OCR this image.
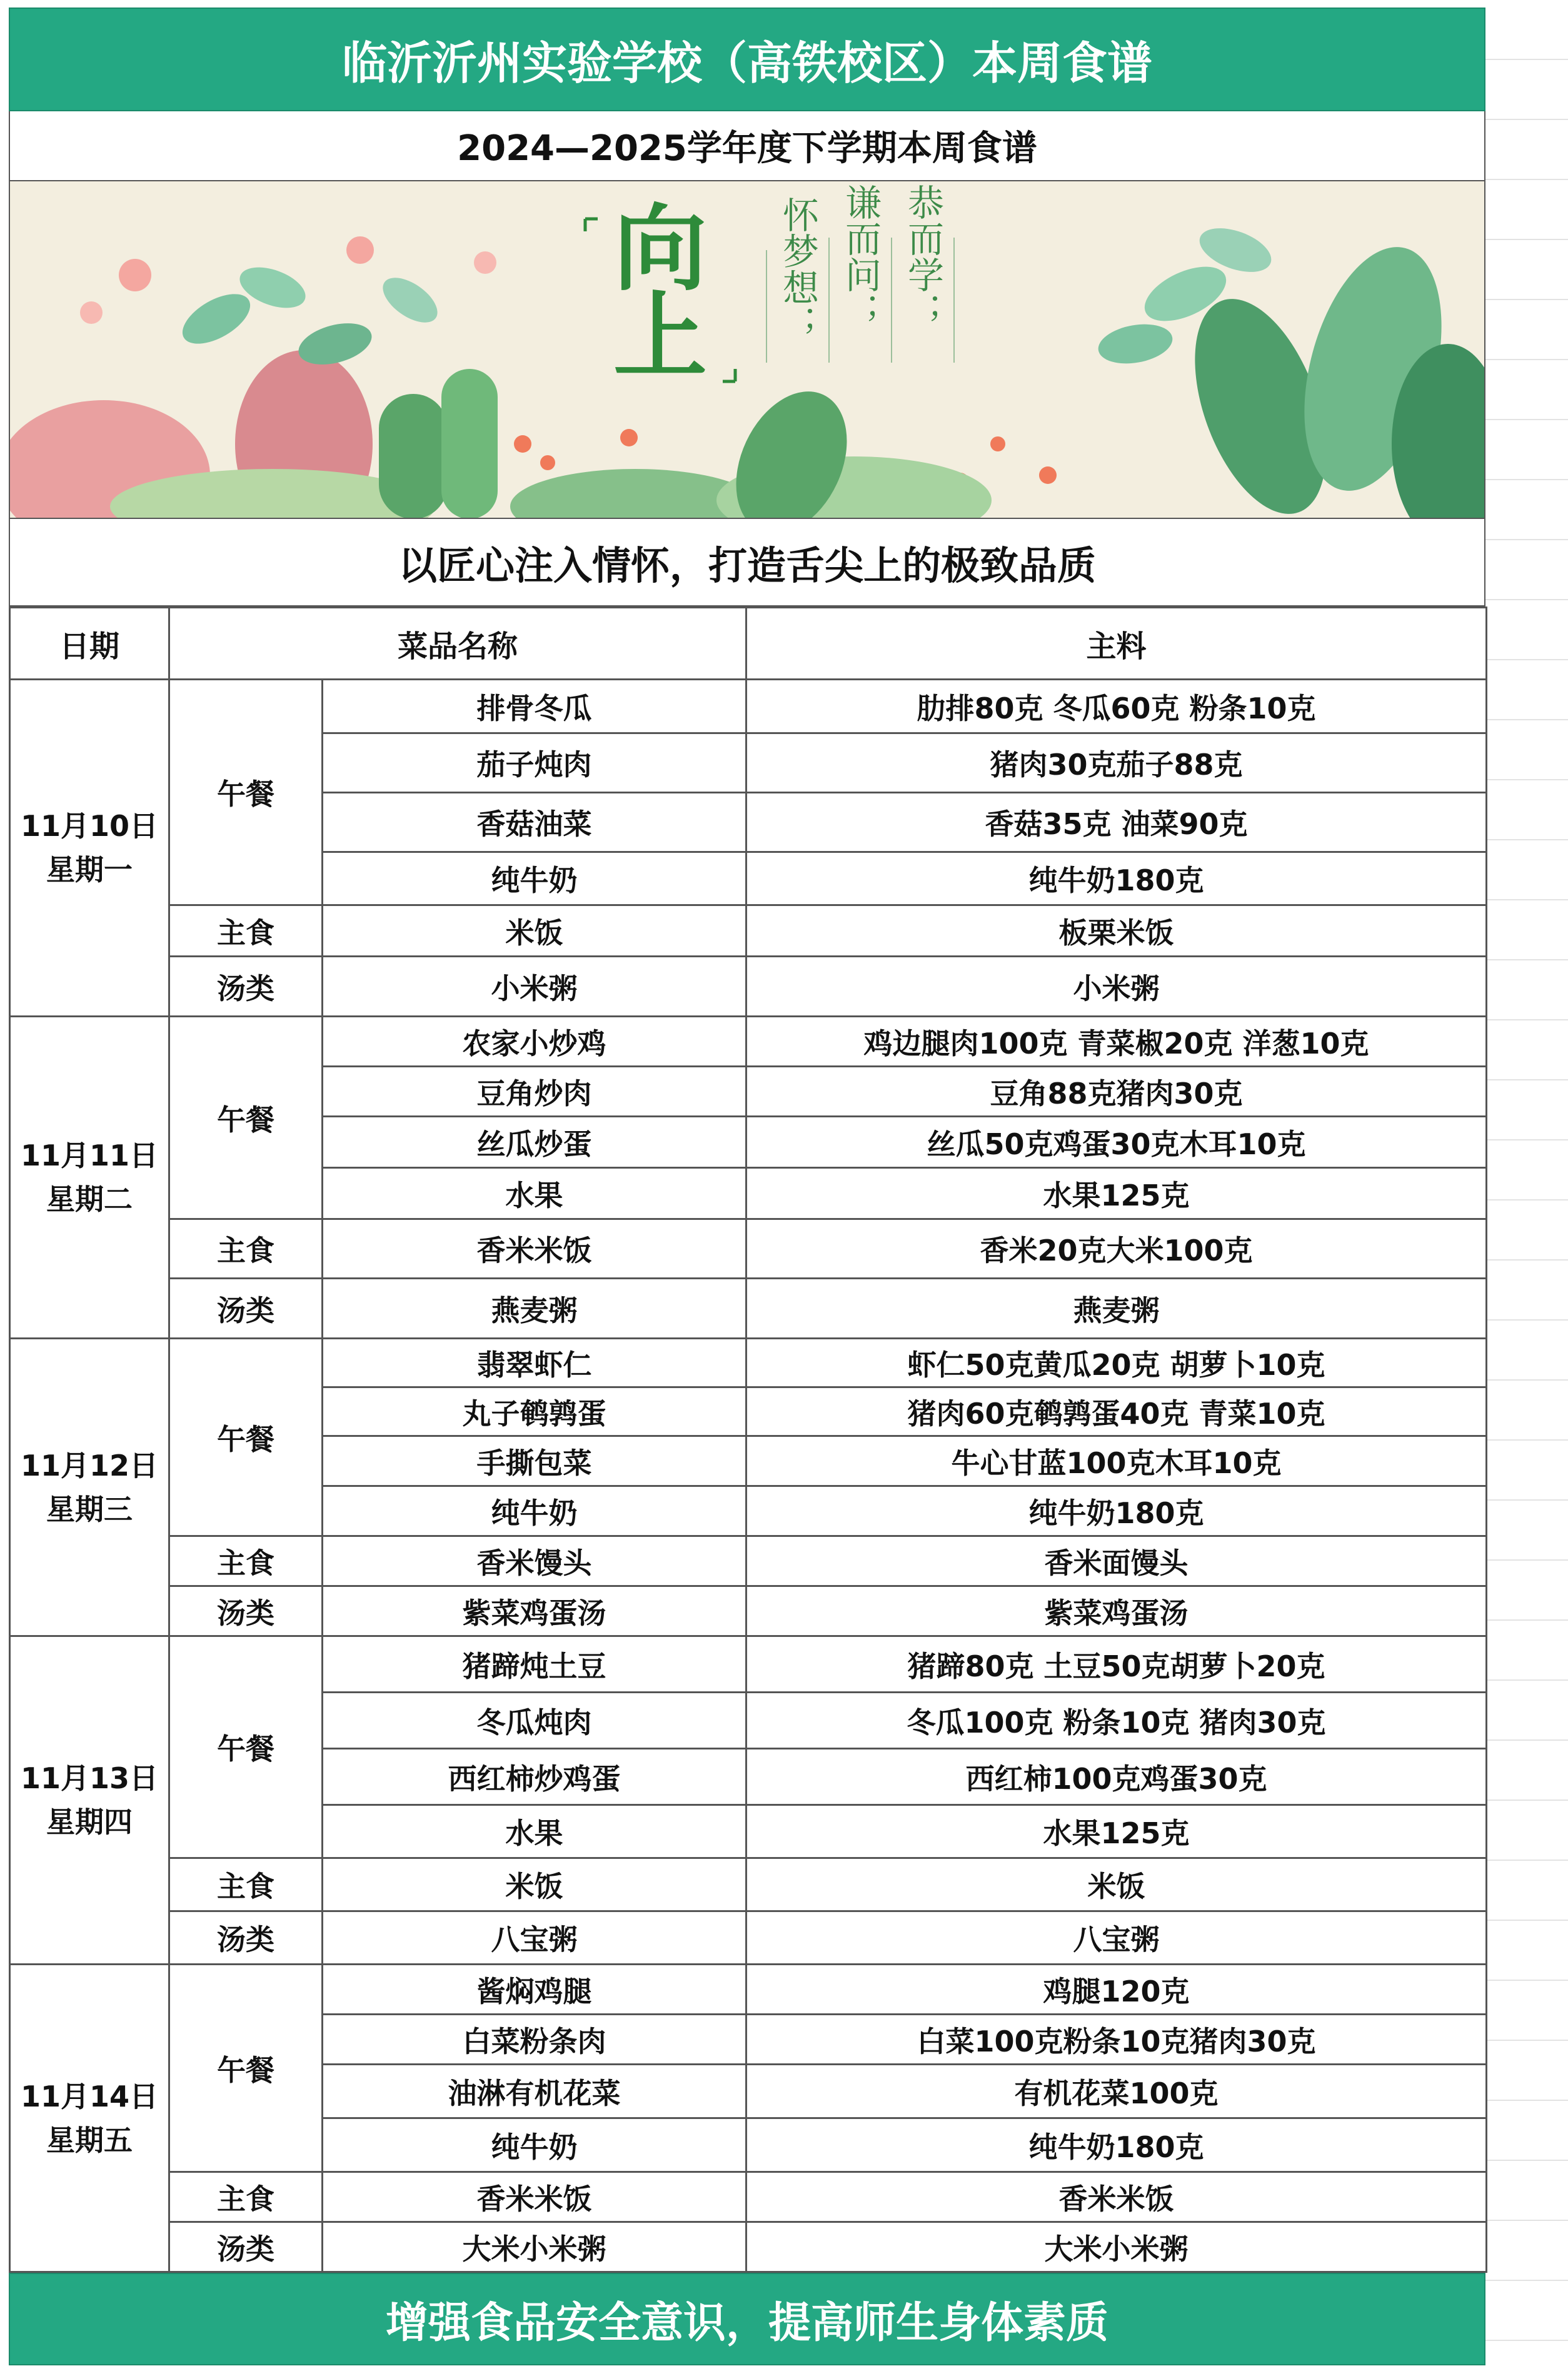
临沂沂州实验学校（高铁校区）本周食谱
2024—2025学年度下学期本周食谱
向
上
恭而学；
谦而问；
怀梦想；
以匠心注入情怀，打造舌尖上的极致品质
日期	菜品名称		主料

11月10日
星期一	午餐	排骨冬瓜	肋排80克 冬瓜60克 粉条10克
		茄子炖肉	猪肉30克茄子88克
		香菇油菜	香菇35克 油菜90克
		纯牛奶	纯牛奶180克
	主食	米饭	板栗米饭
	汤类	小米粥	小米粥

11月11日
星期二	午餐	农家小炒鸡	鸡边腿肉100克 青菜椒20克 洋葱10克
		豆角炒肉	豆角88克猪肉30克
		丝瓜炒蛋	丝瓜50克鸡蛋30克木耳10克
		水果	水果125克
	主食	香米米饭	香米20克大米100克
	汤类	燕麦粥	燕麦粥

11月12日
星期三	午餐	翡翠虾仁	虾仁50克黄瓜20克 胡萝卜10克
		丸子鹌鹑蛋	猪肉60克鹌鹑蛋40克 青菜10克
		手撕包菜	牛心甘蓝100克木耳10克
		纯牛奶	纯牛奶180克
	主食	香米馒头	香米面馒头
	汤类	紫菜鸡蛋汤	紫菜鸡蛋汤

11月13日
星期四	午餐	猪蹄炖土豆	猪蹄80克 土豆50克胡萝卜20克
		冬瓜炖肉	冬瓜100克 粉条10克 猪肉30克
		西红柿炒鸡蛋	西红柿100克鸡蛋30克
		水果	水果125克
	主食	米饭	米饭
	汤类	八宝粥	八宝粥

11月14日
星期五	午餐	酱焖鸡腿	鸡腿120克
		白菜粉条肉	白菜100克粉条10克猪肉30克
		油淋有机花菜	有机花菜100克
		纯牛奶	纯牛奶180克
	主食	香米米饭	香米米饭
	汤类	大米小米粥	大米小米粥
增强食品安全意识，提高师生身体素质
